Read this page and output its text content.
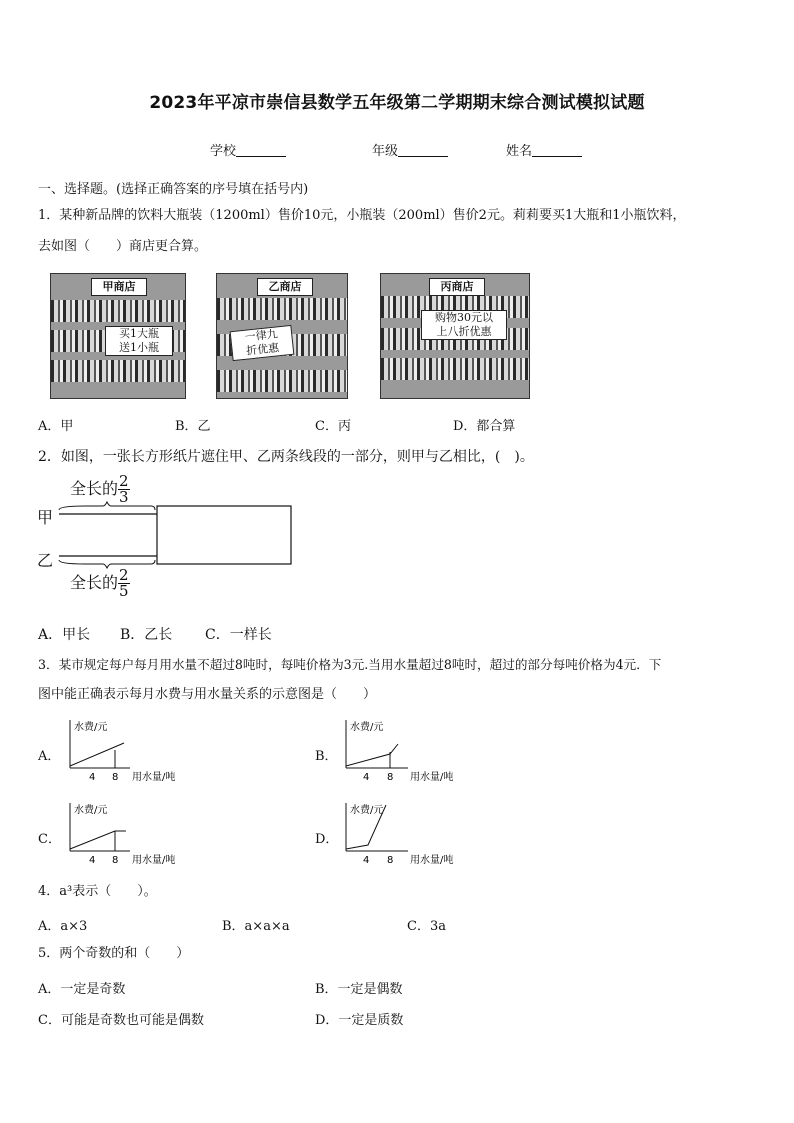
2023年平凉市崇信县数学五年级第二学期期末综合测试模拟试题
学校	年级	姓名
一、选择题。(选择正确答案的序号填在括号内)
1．某种新品牌的饮料大瓶装（1200ml）售价10元，小瓶装（200ml）售价2元。莉莉要买1大瓶和1小瓶饮料，
去如图（　　）商店更合算。
甲商店
买1大瓶
送1小瓶
乙商店
一律九
折优惠
丙商店
购物30元以
上八折优惠
A．甲	B．乙	C．丙	D．都合算
2．如图，一张长方形纸片遮住甲、乙两条线段的一部分，则甲与乙相比，(　)。
全长的 $\frac{2}{3}$
甲
乙
全长的 $\frac{2}{5}$
A．甲长 B．乙长 C．一样长
3．某市规定每户每月用水量不超过8吨时，每吨价格为3元.当用水量超过8吨时，超过的部分每吨价格为4元．下
图中能正确表示每月水费与用水量关系的示意图是（　　）
A．
水费/元
用水量/吨
4 8
B．
水费/元
用水量/吨
4 8
C．
水费/元
用水量/吨
4 8
D．
水费/元
用水量/吨
4 8
4．a³表示（　　）。
A．a×3	B．a×a×a	C．3a
5．两个奇数的和（　　）
A．一定是奇数	B．一定是偶数
C．可能是奇数也可能是偶数	D．一定是质数
